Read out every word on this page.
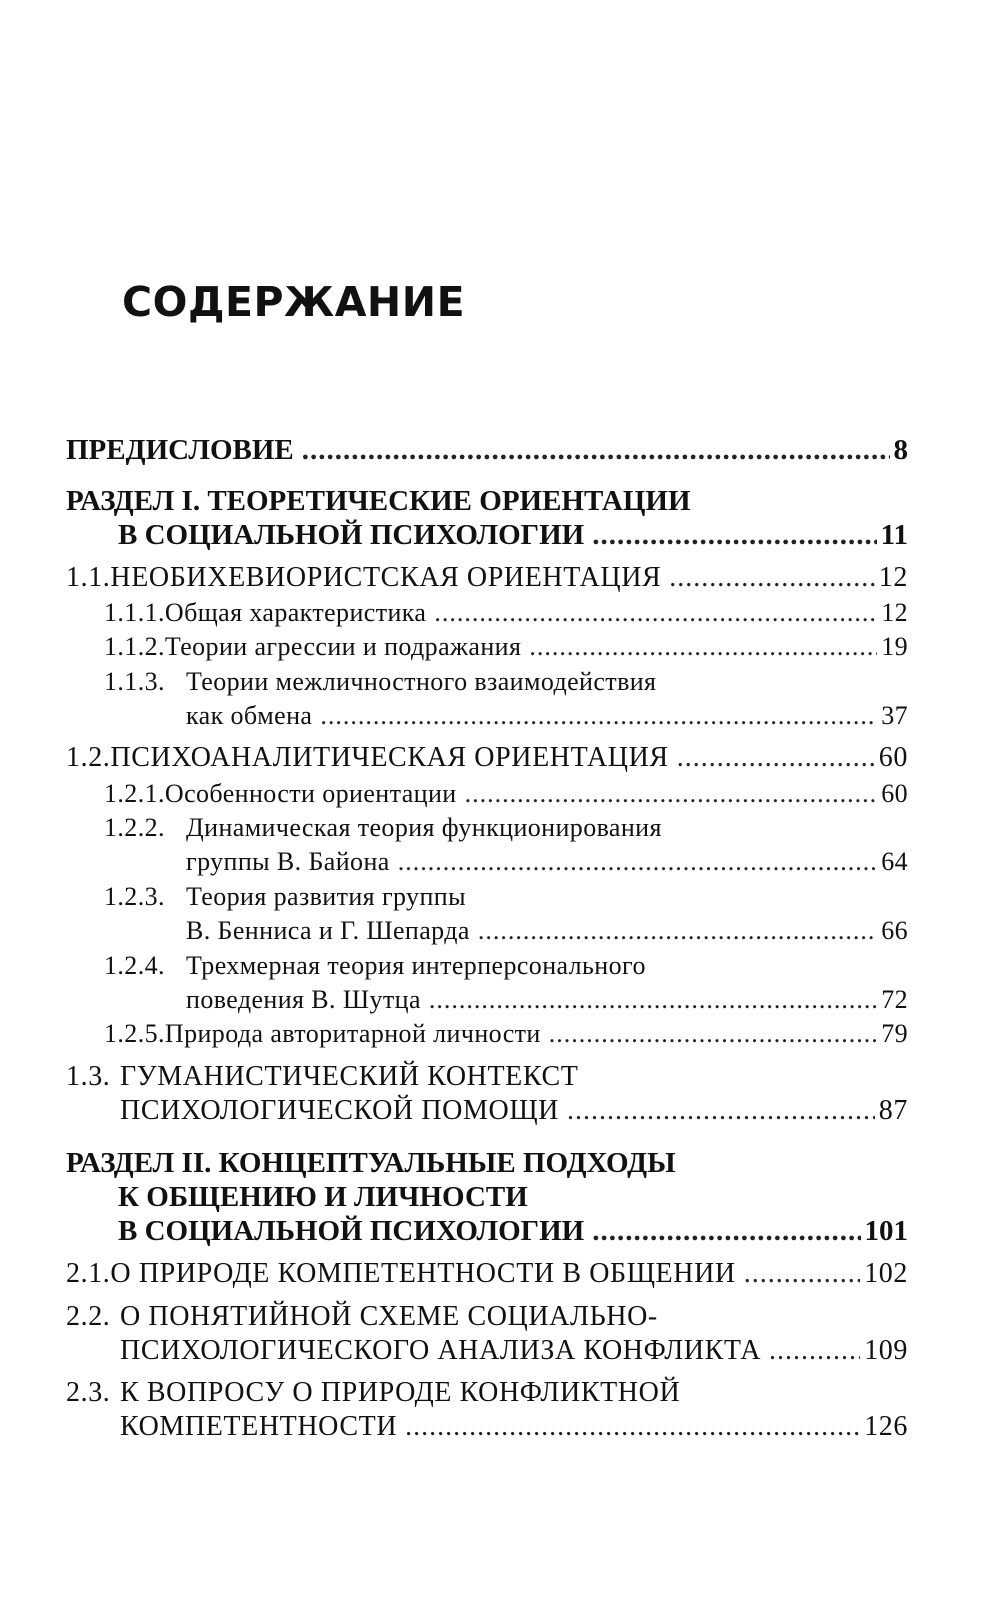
СОДЕРЖАНИЕ
ПРЕДИСЛОВИЕ .....	8
РАЗДЕЛ I. ТЕОРЕТИЧЕСКИЕ ОРИЕНТАЦИИ
В СОЦИАЛЬНОЙ ПСИХОЛОГИИ .....	11
1.1. НЕОБИХЕВИОРИСТСКАЯ ОРИЕНТАЦИЯ .....	12
1.1.1. Общая характеристика .....	12
1.1.2. Теории агрессии и подражания .....	19
1.1.3. Теории межличностного взаимодействия
как обмена .....	37
1.2. ПСИХОАНАЛИТИЧЕСКАЯ ОРИЕНТАЦИЯ .....	60
1.2.1. Особенности ориентации .....	60
1.2.2. Динамическая теория функционирования
группы В. Байона .....	64
1.2.3. Теория развития группы
В. Бенниса и Г. Шепарда .....	66
1.2.4. Трехмерная теория интерперсонального
поведения В. Шутца .....	72
1.2.5. Природа авторитарной личности .....	79
1.3. ГУМАНИСТИЧЕСКИЙ КОНТЕКСТ
ПСИХОЛОГИЧЕСКОЙ ПОМОЩИ .....	87
РАЗДЕЛ II. КОНЦЕПТУАЛЬНЫЕ ПОДХОДЫ
К ОБЩЕНИЮ И ЛИЧНОСТИ
В СОЦИАЛЬНОЙ ПСИХОЛОГИИ .....	101
2.1. О ПРИРОДЕ КОМПЕТЕНТНОСТИ В ОБЩЕНИИ .....	102
2.2. О ПОНЯТИЙНОЙ СХЕМЕ СОЦИАЛЬНО-
ПСИХОЛОГИЧЕСКОГО АНАЛИЗА КОНФЛИКТА .....	109
2.3. К ВОПРОСУ О ПРИРОДЕ КОНФЛИКТНОЙ
КОМПЕТЕНТНОСТИ .....	126
